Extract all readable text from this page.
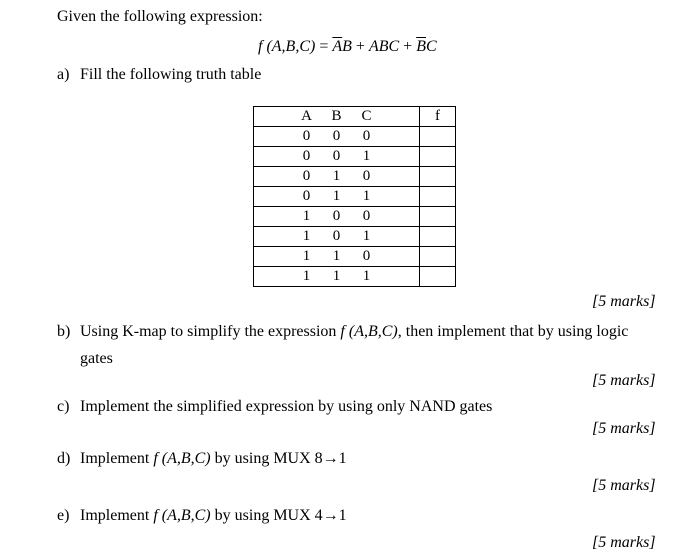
Given the following expression:
f $(A,B,C) = \overline{A}B$ + ABC + $\overline{B}C$
a) Fill the following truth table
A B C	f
0 0 0	
0 0 1	
0 1 0	
0 1 1	
1 0 0	
1 0 1	
1 1 0	
1 1 1	
[5 marks]
b) Using K-map to simplify the expression f (A,B,C), then implement that by using logic
gates
[5 marks]
c) Implement the simplified expression by using only NAND gates
[5 marks]
d) Implement f (A,B,C) by using MUX 8→1
[5 marks]
e) Implement f (A,B,C) by using MUX 4→1
[5 marks]
